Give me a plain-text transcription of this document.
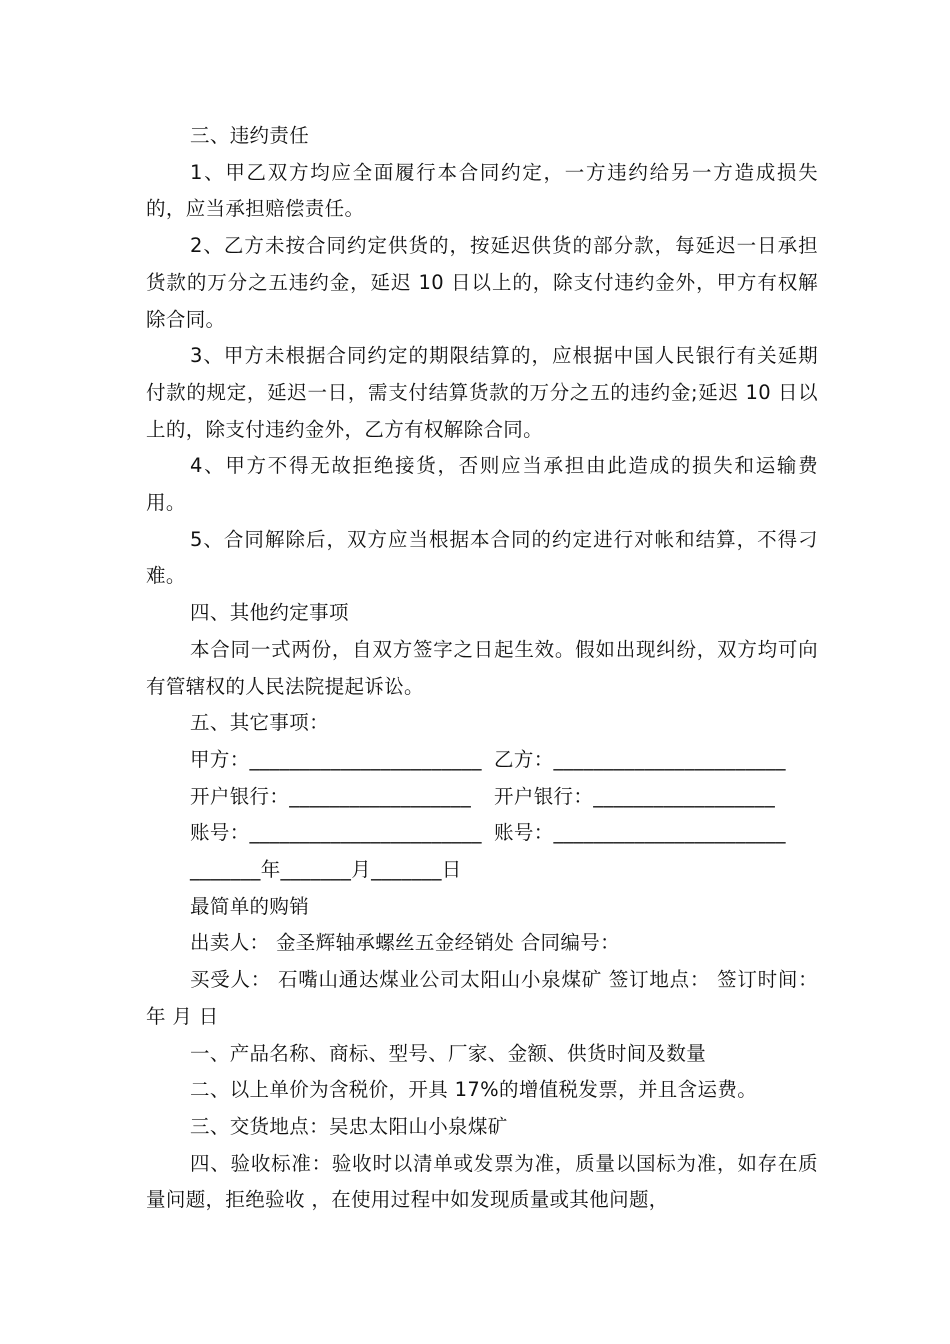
三、违约责任

1、甲乙双方均应全面履行本合同约定，一方违约给另一方造成损失的，应当承担赔偿责任。

2、乙方未按合同约定供货的，按延迟供货的部分款，每延迟一日承担货款的万分之五违约金，延迟 10 日以上的，除支付违约金外，甲方有权解除合同。

3、甲方未根据合同约定的期限结算的，应根据中国人民银行有关延期付款的规定，延迟一日，需支付结算货款的万分之五的违约金;延迟 10 日以上的，除支付违约金外，乙方有权解除合同。

4、甲方不得无故拒绝接货，否则应当承担由此造成的损失和运输费用。

5、合同解除后，双方应当根据本合同的约定进行对帐和结算，不得刁难。

四、其他约定事项

本合同一式两份，自双方签字之日起生效。假如出现纠纷，双方均可向有管辖权的人民法院提起诉讼。

五、其它事项：

甲方：_______________________ 乙方：_______________________
开户银行：__________________ 开户银行：__________________
账号：_______________________ 账号：_______________________
_______年_______月_______日

最简单的购销

出卖人： 金圣辉轴承螺丝五金经销处 合同编号：

买受人： 石嘴山通达煤业公司太阳山小泉煤矿 签订地点： 签订时间： 年 月 日

一、产品名称、商标、型号、厂家、金额、供货时间及数量

二、以上单价为含税价，开具 17%的增值税发票，并且含运费。

三、交货地点：吴忠太阳山小泉煤矿

四、验收标准：验收时以清单或发票为准，质量以国标为准，如存在质量问题，拒绝验收 ，在使用过程中如发现质量或其他问题，
